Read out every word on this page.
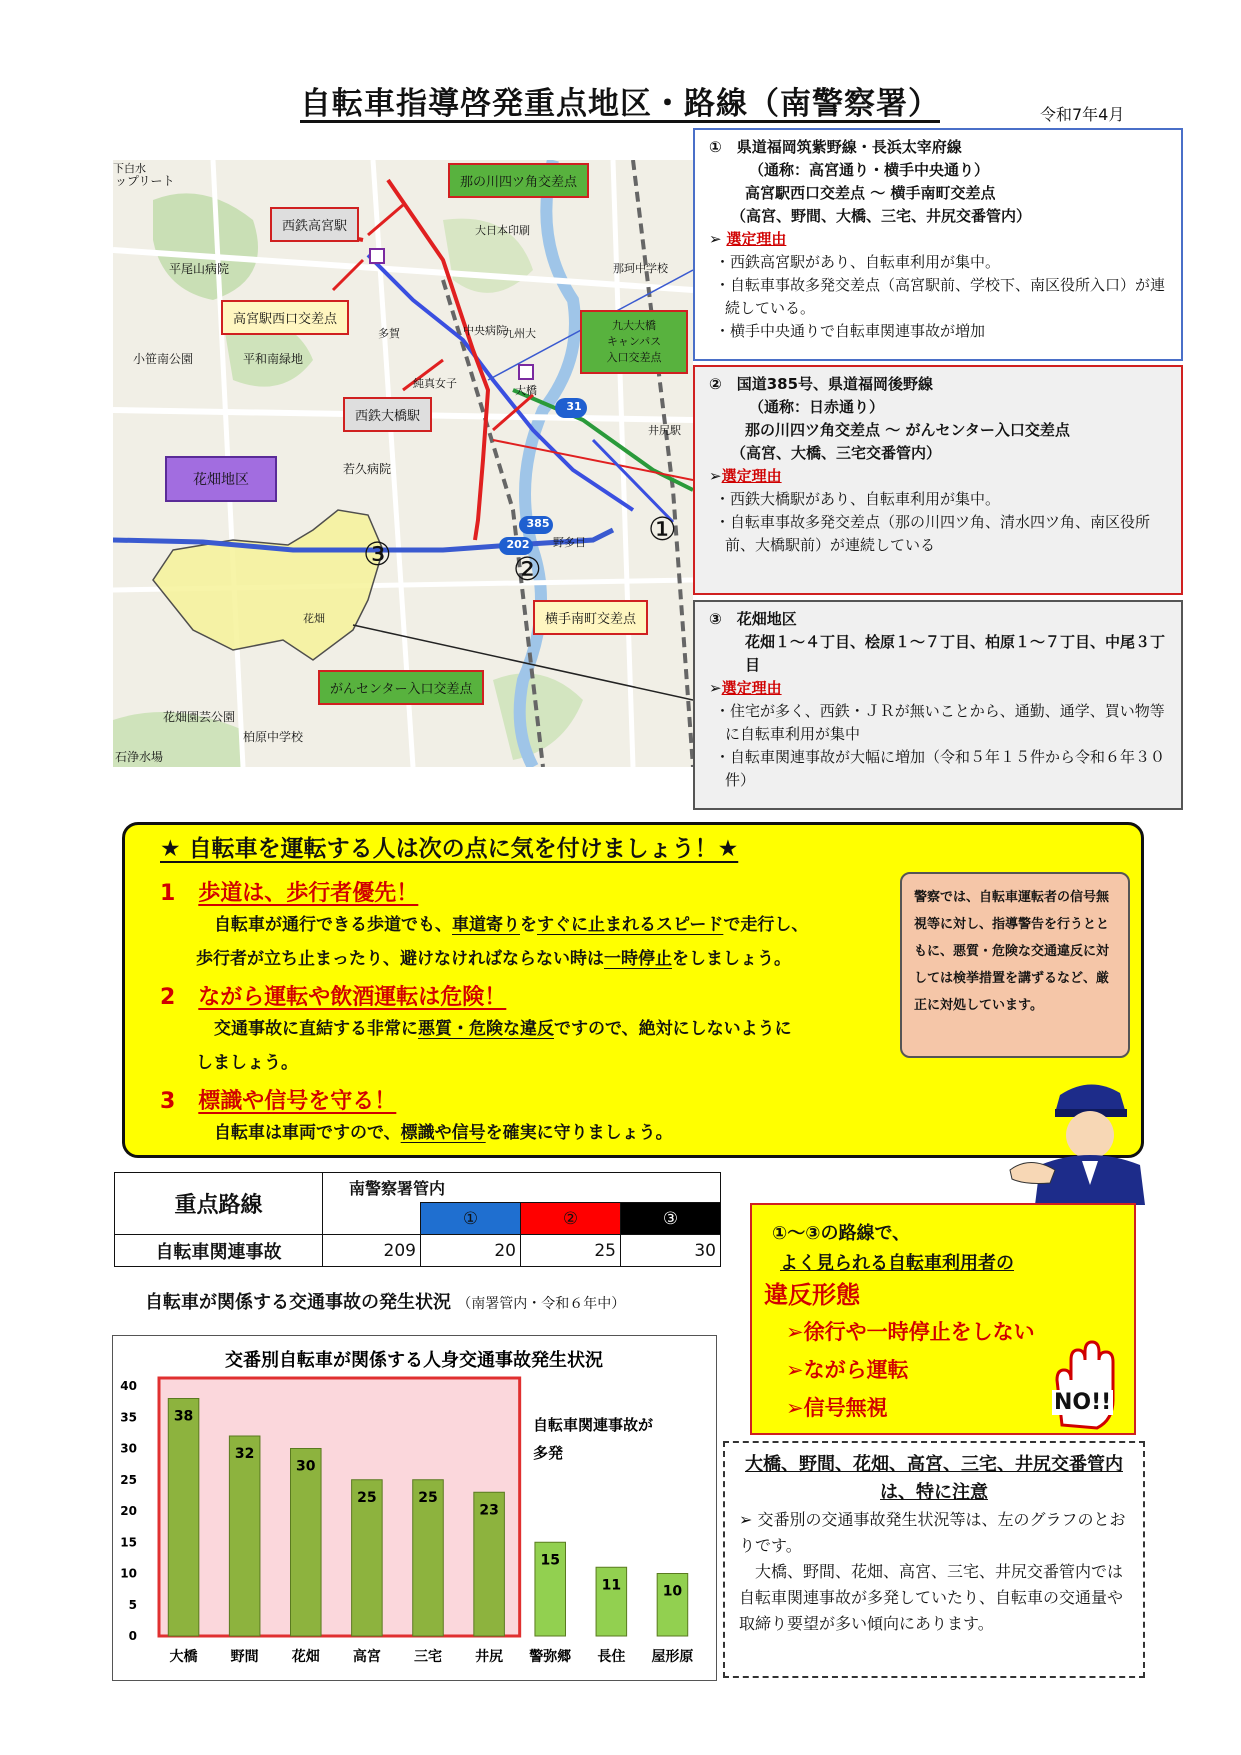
自転車指導啓発重点地区・路線（南警察署）	令和7年4月
31
385
202
ップリート
平尾山病院
小笹南公園	平和南緑地
若久病院
花畑園芸公園
石浄水場
柏原中学校
大日本印刷
那珂中学校
九州大
中央病院
純真女子
多賀
大橋
花畑
野多目
井尻駅
下白水
那の川四ツ角交差点
西鉄高宮駅
高宮駅西口交差点	九大大橋
キャンパス
入口交差点
西鉄大橋駅
花畑地区
横手南町交差点
がんセンター入口交差点
①
②
③
①　県道福岡筑紫野線・長浜太宰府線
（通称：高宮通り・横手中央通り）
高宮駅西口交差点 ～ 横手南町交差点
（高宮、野間、大橋、三宅、井尻交番管内）
➢ 選定理由
・西鉄高宮駅があり、自転車利用が集中。
・自転車事故多発交差点（高宮駅前、学校下、南区役所入口）が連続している。
・横手中央通りで自転車関連事故が増加
②　国道385号、県道福岡後野線
（通称：日赤通り）
那の川四ツ角交差点 ～ がんセンター入口交差点
（高宮、大橋、三宅交番管内）
➢選定理由
・西鉄大橋駅があり、自転車利用が集中。
・自転車事故多発交差点（那の川四ツ角、清水四ツ角、南区役所前、大橋駅前）が連続している
③　花畑地区
花畑１～４丁目、桧原１～７丁目、柏原１～７丁目、中尾３丁目
➢選定理由
・住宅が多く、西鉄・ＪＲが無いことから、通勤、通学、買い物等に自転車利用が集中
・自転車関連事故が大幅に増加（令和５年１５件から令和６年３０件）
★ 自転車を運転する人は次の点に気を付けましょう！★
1 歩道は、歩行者優先！
自転車が通行できる歩道でも、車道寄りをすぐに止まれるスピードで走行し、
歩行者が立ち止まったり、避けなければならない時は一時停止をしましょう。
2 ながら運転や飲酒運転は危険！
交通事故に直結する非常に悪質・危険な違反ですので、絶対にしないように
しましょう。
3 標識や信号を守る！
自転車は車両ですので、標識や信号を確実に守りましょう。
警察では、自転車運転者の信号無視等に対し、指導警告を行うとともに、悪質・危険な交通違反に対しては検挙措置を講ずるなど、厳正に対処しています。
重点路線	南警察署管内			
		①	②	③
自転車関連事故	209	20	25	30
①～③の路線で、
よく見られる自転車利用者の
違反形態
➢徐行や一時停止をしない
➢ながら運転
➢信号無視	NO!!
大橋、野間、花畑、高宮、三宅、井尻交番管内は、特に注意
➢ 交番別の交通事故発生状況等は、左のグラフのとおりです。
大橋、野間、花畑、高宮、三宅、井尻交番管内では自転車関連事故が多発していたり、自転車の交通量や取締り要望が多い傾向にあります。
自転車が関係する交通事故の発生状況 （南署管内・令和６年中）
交番別自転車が関係する人身交通事故発生状況
0
5
10
15
20
25
30
35
40
38
大橋
32
野間
30
花畑
25
高宮
25
三宅
23
井尻
15
警弥郷
11
長住
10
屋形原
自転車関連事故が
多発
